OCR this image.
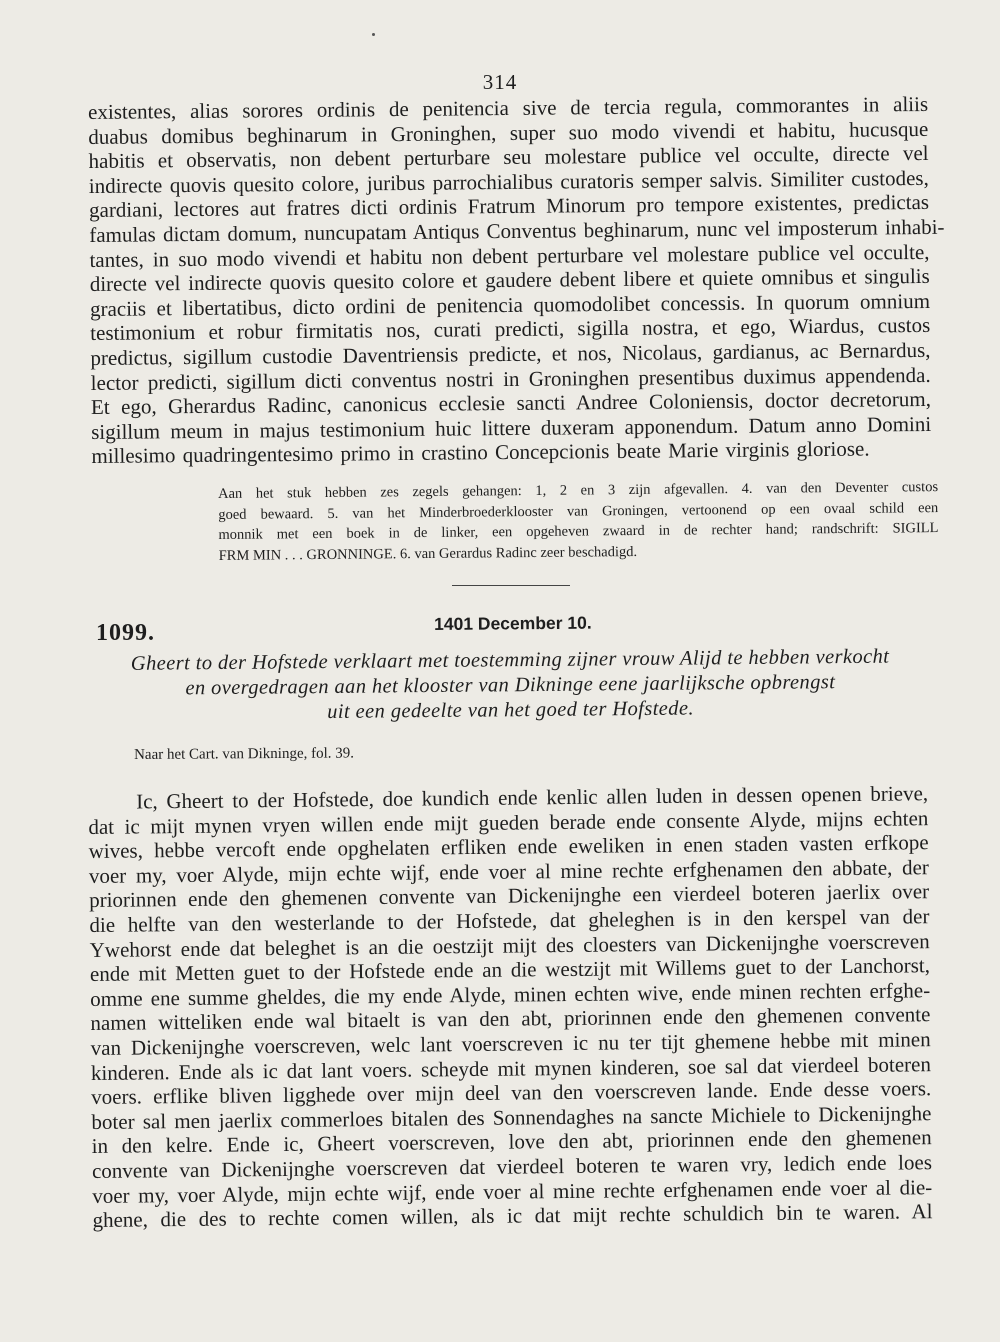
314
existentes, alias sorores ordinis de penitencia sive de tercia regula, commorantes in aliis
duabus domibus beghinarum in Groninghen, super suo modo vivendi et habitu, hucusque
habitis et observatis, non debent perturbare seu molestare publice vel occulte, directe vel
indirecte quovis quesito colore, juribus parrochialibus curatoris semper salvis. Similiter custodes,
gardiani, lectores aut fratres dicti ordinis Fratrum Minorum pro tempore existentes, predictas
famulas dictam domum, nuncupatam Antiqus Conventus beghinarum, nunc vel imposterum inhabi-
tantes, in suo modo vivendi et habitu non debent perturbare vel molestare publice vel occulte,
directe vel indirecte quovis quesito colore et gaudere debent libere et quiete omnibus et singulis
graciis et libertatibus, dicto ordini de penitencia quomodolibet concessis. In quorum omnium
testimonium et robur firmitatis nos, curati predicti, sigilla nostra, et ego, Wiardus, custos
predictus, sigillum custodie Daventriensis predicte, et nos, Nicolaus, gardianus, ac Bernardus,
lector predicti, sigillum dicti conventus nostri in Groninghen presentibus duximus appendenda.
Et ego, Gherardus Radinc, canonicus ecclesie sancti Andree Coloniensis, doctor decretorum,
sigillum meum in majus testimonium huic littere duxeram apponendum. Datum anno Domini
millesimo quadringentesimo primo in crastino Concepcionis beate Marie virginis gloriose.
Aan het stuk hebben zes zegels gehangen: 1, 2 en 3 zijn afgevallen. 4. van den Deventer custos
goed bewaard. 5. van het Minderbroederklooster van Groningen, vertoonend op een ovaal schild een
monnik met een boek in de linker, een opgeheven zwaard in de rechter hand; randschrift: SIGILL
FRM MIN . . . GRONNINGE. 6. van Gerardus Radinc zeer beschadigd.
1099.	1401 December 10.
Gheert to der Hofstede verklaart met toestemming zijner vrouw Alijd te hebben verkocht
en overgedragen aan het klooster van Dikninge eene jaarlijksche opbrengst
uit een gedeelte van het goed ter Hofstede.
Naar het Cart. van Dikninge, fol. 39.
Ic, Gheert to der Hofstede, doe kundich ende kenlic allen luden in dessen openen brieve,
dat ic mijt mynen vryen willen ende mijt gueden berade ende consente Alyde, mijns echten
wives, hebbe vercoft ende opghelaten erfliken ende eweliken in enen staden vasten erfkope
voer my, voer Alyde, mijn echte wijf, ende voer al mine rechte erfghenamen den abbate, der
priorinnen ende den ghemenen convente van Dickenijnghe een vierdeel boteren jaerlix over
die helfte van den westerlande to der Hofstede, dat gheleghen is in den kerspel van der
Ywehorst ende dat beleghet is an die oestzijt mijt des cloesters van Dickenijnghe voerscreven
ende mit Metten guet to der Hofstede ende an die westzijt mit Willems guet to der Lanchorst,
omme ene summe gheldes, die my ende Alyde, minen echten wive, ende minen rechten erfghe-
namen witteliken ende wal bitaelt is van den abt, priorinnen ende den ghemenen convente
van Dickenijnghe voerscreven, welc lant voerscreven ic nu ter tijt ghemene hebbe mit minen
kinderen. Ende als ic dat lant voers. scheyde mit mynen kinderen, soe sal dat vierdeel boteren
voers. erflike bliven ligghede over mijn deel van den voerscreven lande. Ende desse voers.
boter sal men jaerlix commerloes bitalen des Sonnendaghes na sancte Michiele to Dickenijnghe
in den kelre. Ende ic, Gheert voerscreven, love den abt, priorinnen ende den ghemenen
convente van Dickenijnghe voerscreven dat vierdeel boteren te waren vry, ledich ende loes
voer my, voer Alyde, mijn echte wijf, ende voer al mine rechte erfghenamen ende voer al die-
ghene, die des to rechte comen willen, als ic dat mijt rechte schuldich bin te waren. Al
